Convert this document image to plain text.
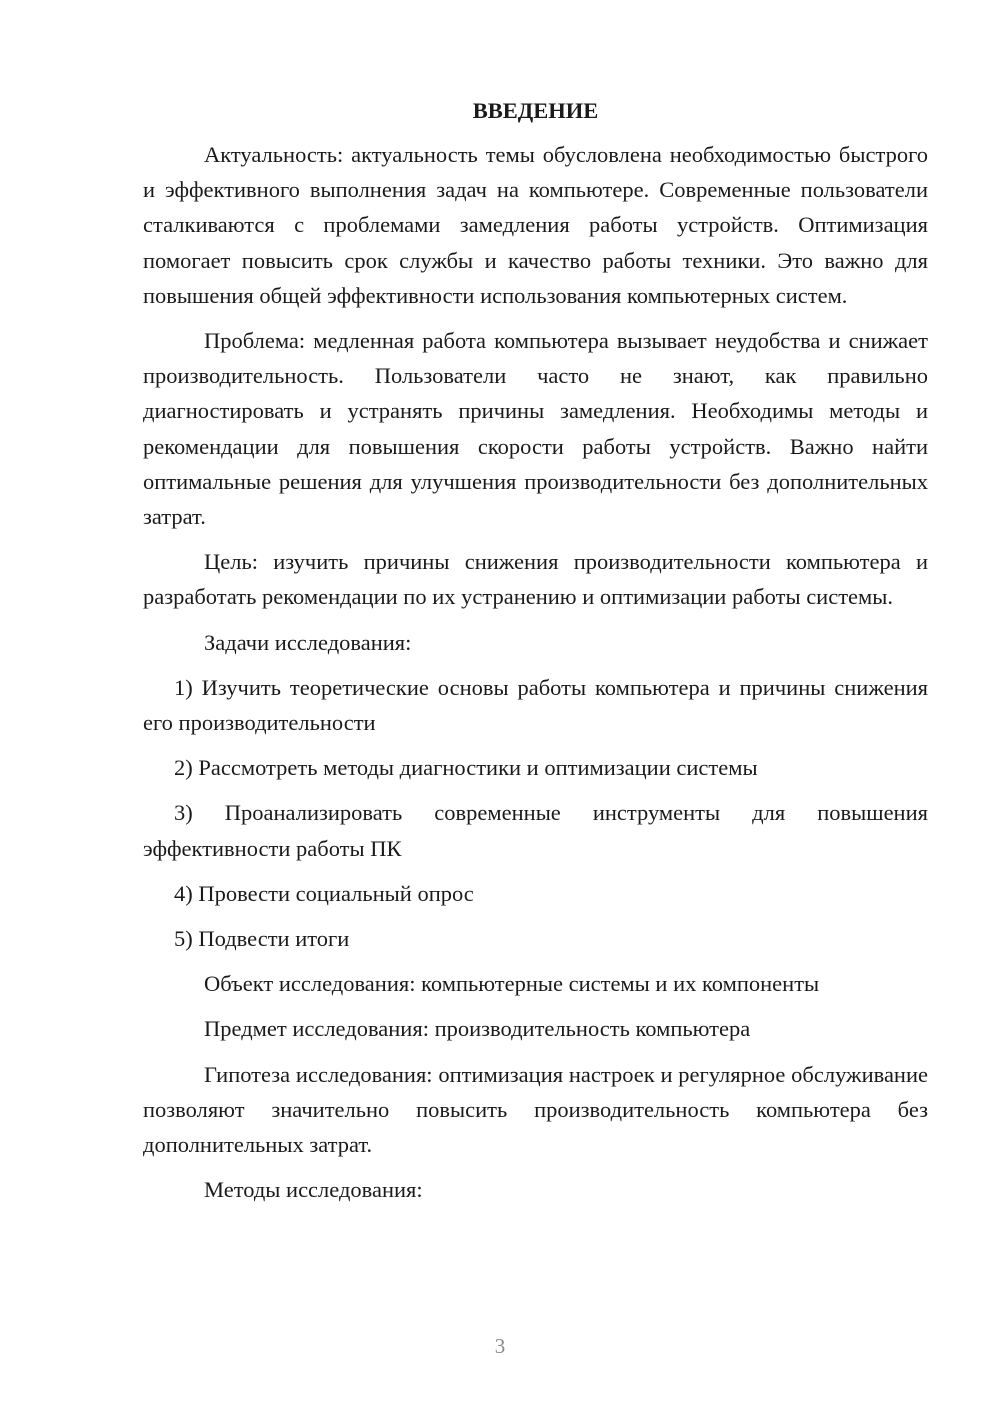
ВВЕДЕНИЕ

Актуальность: актуальность темы обусловлена необходимостью быстрого и эффективного выполнения задач на компьютере. Современные пользователи сталкиваются с проблемами замедления работы устройств. Оптимизация помогает повысить срок службы и качество работы техники. Это важно для повышения общей эффективности использования компьютерных систем.

Проблема: медленная работа компьютера вызывает неудобства и снижает производительность. Пользователи часто не знают, как правильно диагностировать и устранять причины замедления. Необходимы методы и рекомендации для повышения скорости работы устройств. Важно найти оптимальные решения для улучшения производительности без дополнительных затрат.

Цель: изучить причины снижения производительности компьютера и разработать рекомендации по их устранению и оптимизации работы системы.

Задачи исследования:

1) Изучить теоретические основы работы компьютера и причины снижения его производительности

2) Рассмотреть методы диагностики и оптимизации системы

3) Проанализировать современные инструменты для повышения эффективности работы ПК

4) Провести социальный опрос

5) Подвести итоги

Объект исследования: компьютерные системы и их компоненты

Предмет исследования: производительность компьютера

Гипотеза исследования: оптимизация настроек и регулярное обслуживание позволяют значительно повысить производительность компьютера без дополнительных затрат.

Методы исследования:

3
